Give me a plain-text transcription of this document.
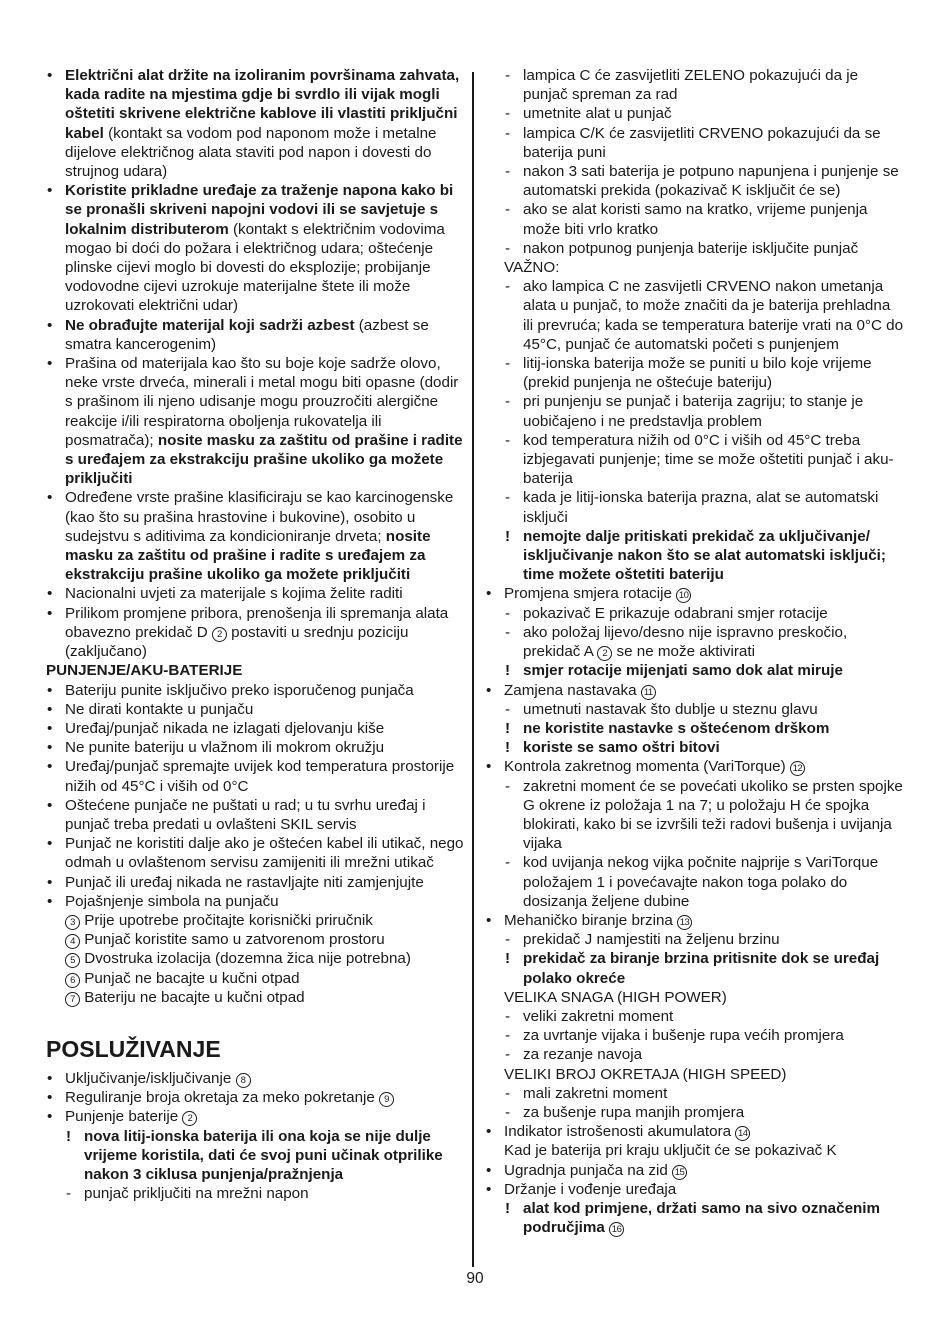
• Električni alat držite na izoliranim površinama zahvata, kada radite na mjestima gdje bi svrdlo ili vijak mogli oštetiti skrivene električne kablove ili vlastiti priključni kabel (kontakt sa vodom pod naponom može i metalne dijelove električnog alata staviti pod napon i dovesti do strujnog udara)
• Koristite prikladne uređaje za traženje napona kako bi se pronašli skriveni napojni vodovi ili se savjetuje s lokalnim distributerom (kontakt s električnim vodovima mogao bi doći do požara i električnog udara; oštećenje plinske cijevi moglo bi dovesti do eksplozije; probijanje vodovodne cijevi uzrokuje materijalne štete ili može uzrokovati električni udar)
• Ne obrađujte materijal koji sadrži azbest (azbest se smatra kancerogenim)
• Prašina od materijala kao što su boje koje sadrže olovo, neke vrste drveća, minerali i metal mogu biti opasne (dodir s prašinom ili njeno udisanje mogu prouzročiti alergične reakcije i/ili respiratorna oboljenja rukovatelja ili posmatrača); nosite masku za zaštitu od prašine i radite s uređajem za ekstrakciju prašine ukoliko ga možete priključiti
• Određene vrste prašine klasificiraju se kao karcinogenske (kao što su prašina hrastovine i bukovine), osobito u sudejstvu s aditivima za kondicioniranje drveta; nosite masku za zaštitu od prašine i radite s uređajem za ekstrakciju prašine ukoliko ga možete priključiti
• Nacionalni uvjeti za materijale s kojima želite raditi
• Prilikom promjene pribora, prenošenja ili spremanja alata obavezno prekidač D 2 postaviti u srednju poziciju (zaključano)
PUNJENJE/AKU-BATERIJE
• Bateriju punite isključivo preko isporučenog punjača
• Ne dirati kontakte u punjaču
• Uređaj/punjač nikada ne izlagati djelovanju kiše
• Ne punite bateriju u vlažnom ili mokrom okružju
• Uređaj/punjač spremajte uvijek kod temperatura prostorije nižih od 45°C i viših od 0°C
• Oštećene punjače ne puštati u rad; u tu svrhu uređaj i punjač treba predati u ovlašteni SKIL servis
• Punjač ne koristiti dalje ako je oštećen kabel ili utikač, nego odmah u ovlaštenom servisu zamijeniti ili mrežni utikač
• Punjač ili uređaj nikada ne rastavljajte niti zamjenjujte
• Pojašnjenje simbola na punjaču
3 Prije upotrebe pročitajte korisnički priručnik
4 Punjač koristite samo u zatvorenom prostoru
5 Dvostruka izolacija (dozemna žica nije potrebna)
6 Punjač ne bacajte u kučni otpad
7 Bateriju ne bacajte u kučni otpad
POSLUŽIVANJE
• Uključivanje/isključivanje 8
• Reguliranje broja okretaja za meko pokretanje 9
• Punjenje baterije 2
! nova litij-ionska baterija ili ona koja se nije dulje vrijeme koristila, dati će svoj puni učinak otprilike nakon 3 ciklusa punjenja/pražnjenja
- punjač priključiti na mrežni napon
- lampica C će zasvijetliti ZELENO pokazujući da je punjač spreman za rad
- umetnite alat u punjač
- lampica C/K će zasvijetliti CRVENO pokazujući da se baterija puni
- nakon 3 sati baterija je potpuno napunjena i punjenje se automatski prekida (pokazivač K isključit će se)
- ako se alat koristi samo na kratko, vrijeme punjenja može biti vrlo kratko
- nakon potpunog punjenja baterije isključite punjač
VAŽNO:
- ako lampica C ne zasvijetli CRVENO nakon umetanja alata u punjač, to može značiti da je baterija prehladna ili prevruća; kada se temperatura baterije vrati na 0°C do 45°C, punjač će automatski početi s punjenjem
- litij-ionska baterija može se puniti u bilo koje vrijeme (prekid punjenja ne oštećuje bateriju)
- pri punjenju se punjač i baterija zagriju; to stanje je uobičajeno i ne predstavlja problem
- kod temperatura nižih od 0°C i viših od 45°C treba izbjegavati punjenje; time se može oštetiti punjač i aku-baterija
- kada je litij-ionska baterija prazna, alat se automatski isključi
! nemojte dalje pritiskati prekidač za uključivanje/ isključivanje nakon što se alat automatski isključi; time možete oštetiti bateriju
• Promjena smjera rotacije 10
- pokazivač E prikazuje odabrani smjer rotacije
- ako položaj lijevo/desno nije ispravno preskočio, prekidač A 2 se ne može aktivirati
! smjer rotacije mijenjati samo dok alat miruje
• Zamjena nastavaka 11
- umetnuti nastavak što dublje u steznu glavu
! ne koristite nastavke s oštećenom drškom
! koriste se samo oštri bitovi
• Kontrola zakretnog momenta (VariTorque) 12
- zakretni moment će se povećati ukoliko se prsten spojke G okrene iz položaja 1 na 7; u položaju H će spojka blokirati, kako bi se izvršili teži radovi bušenja i uvijanja vijaka
- kod uvijanja nekog vijka počnite najprije s VariTorque položajem 1 i povećavajte nakon toga polako do dosizanja željene dubine
• Mehaničko biranje brzina 13
- prekidač J namjestiti na željenu brzinu
! prekidač za biranje brzina pritisnite dok se uređaj polako okreće
VELIKA SNAGA (HIGH POWER)
- veliki zakretni moment
- za uvrtanje vijaka i bušenje rupa većih promjera
- za rezanje navoja
VELIKI BROJ OKRETAJA (HIGH SPEED)
- mali zakretni moment
- za bušenje rupa manjih promjera
• Indikator istrošenosti akumulatora 14
Kad je baterija pri kraju uključit će se pokazivač K
• Ugradnja punjača na zid 15
• Držanje i vođenje uređaja
! alat kod primjene, držati samo na sivo označenim područjima 16
90
